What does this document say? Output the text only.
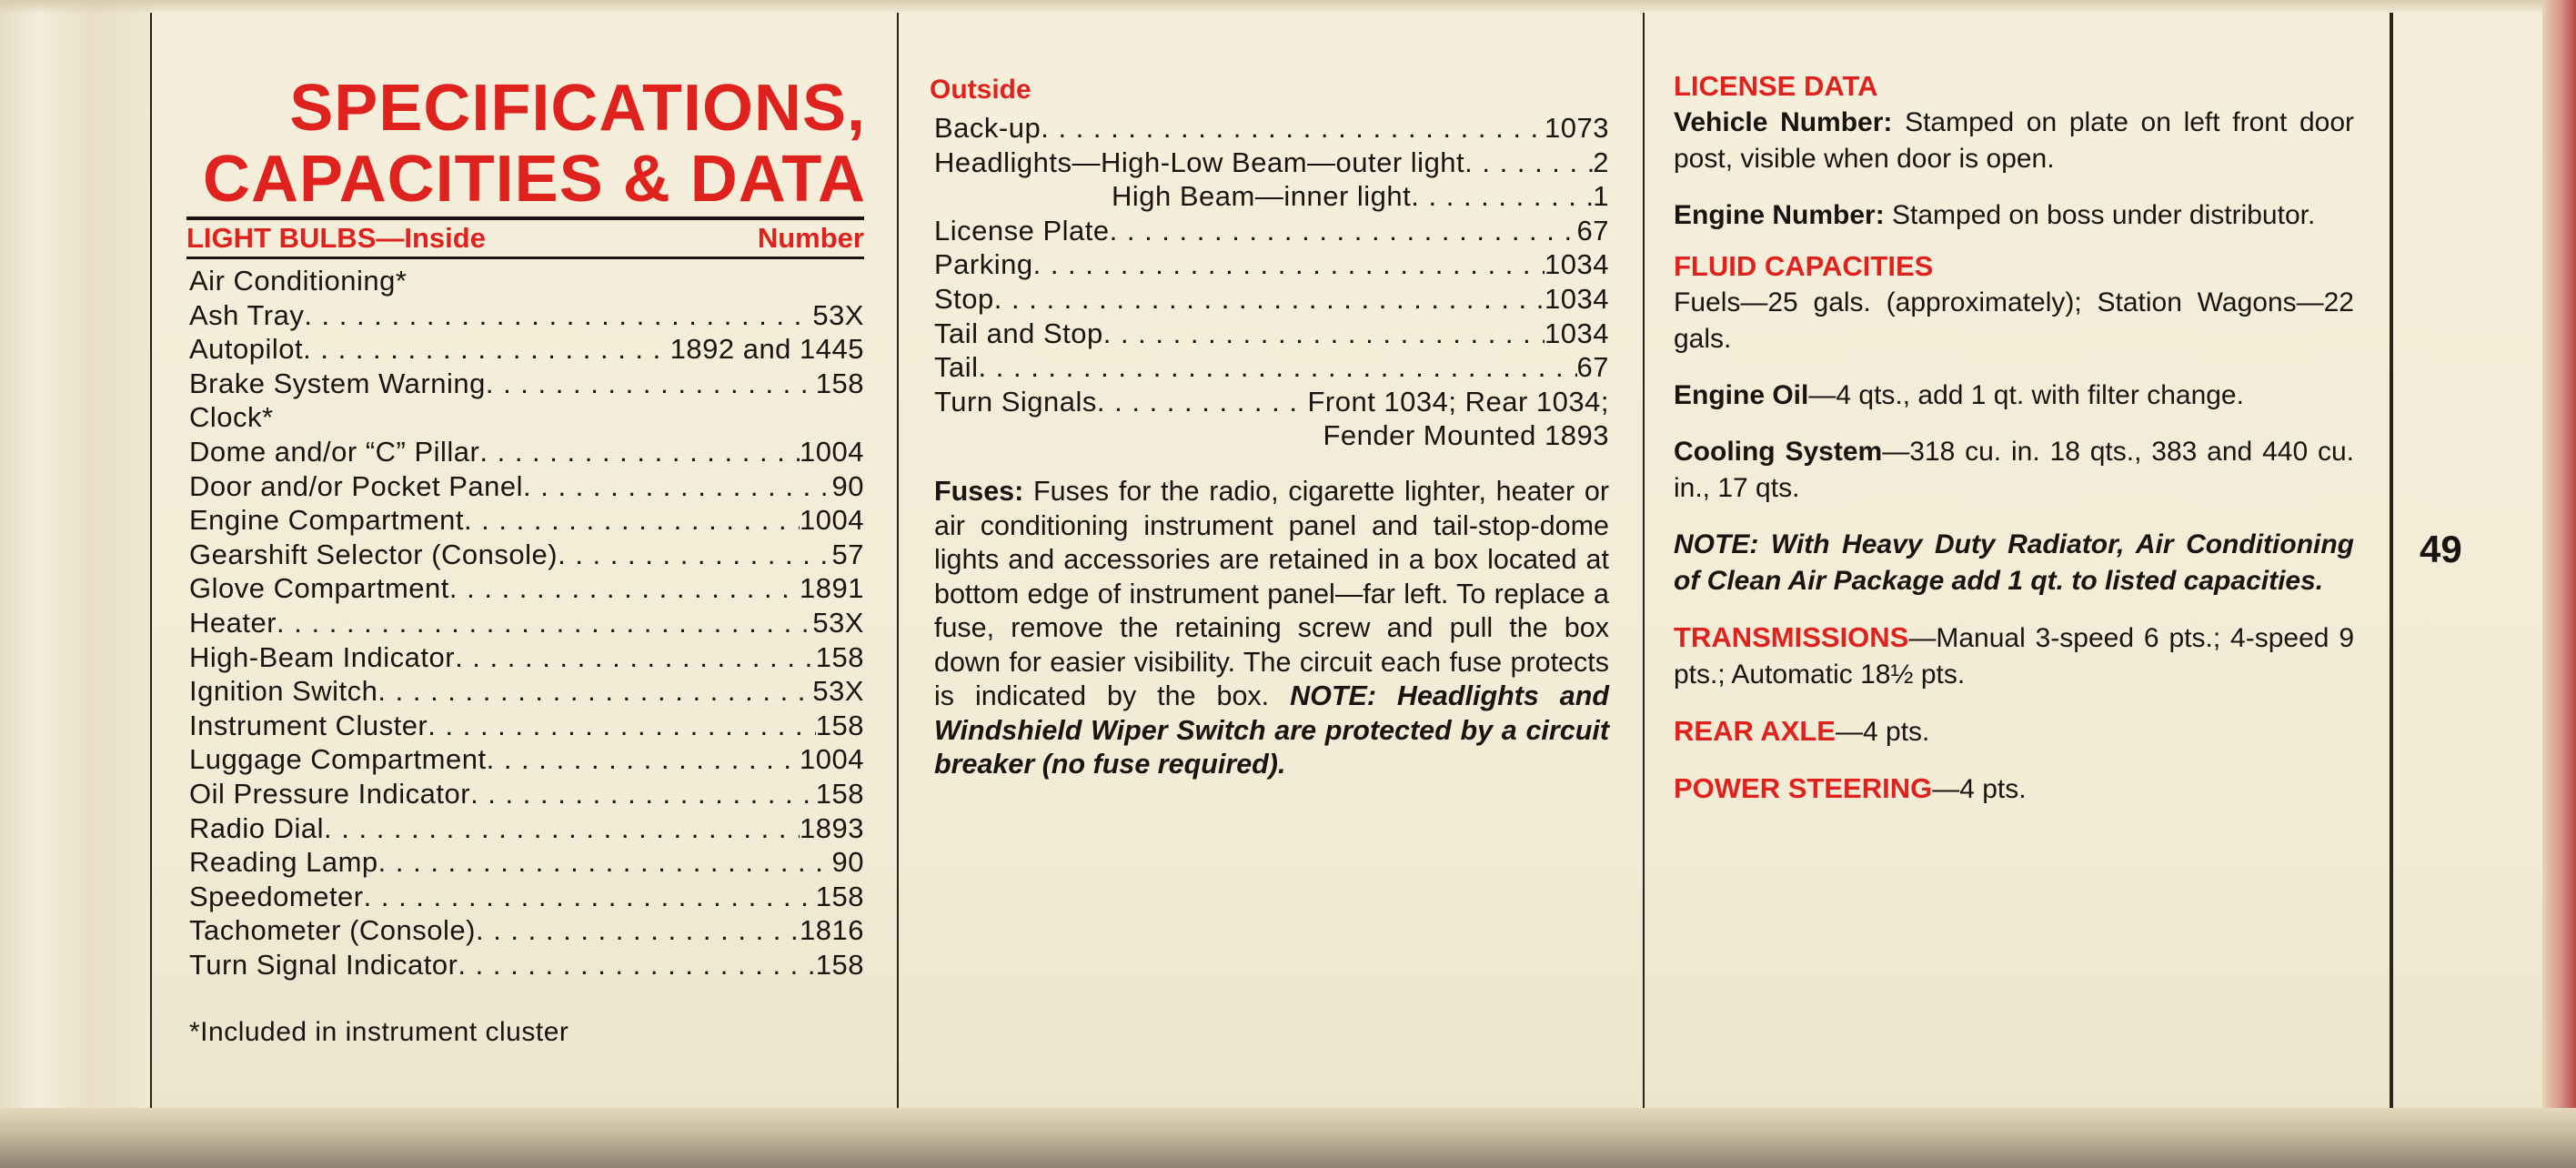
SPECIFICATIONS,
CAPACITIES & DATA
LIGHT BULBS—Inside	Number
Air Conditioning*
Ash Tray . . .	53X
Autopilot . . .	1892 and 1445
Brake System Warning . . .	158
Clock*
Dome and/or “C” Pillar . . .	1004
Door and/or Pocket Panel . . .	90
Engine Compartment . . .	1004
Gearshift Selector (Console) . . .	57
Glove Compartment . . .	1891
Heater . . .	53X
High-Beam Indicator . . .	158
Ignition Switch . . .	53X
Instrument Cluster . . .	158
Luggage Compartment . . .	1004
Oil Pressure Indicator . . .	158
Radio Dial . . .	1893
Reading Lamp . . .	90
Speedometer . . .	158
Tachometer (Console) . . .	1816
Turn Signal Indicator . . .	158
*Included in instrument cluster
Outside
Back-up . . .	1073
Headlights—High-Low Beam—outer light . . .	2
High Beam—inner light . . .	1
License Plate . . .	67
Parking . . .	1034
Stop . . .	1034
Tail and Stop . . .	1034
Tail . . .	67
Turn Signals . . .	Front 1034; Rear 1034;
Fender Mounted 1893
Fuses: Fuses for the radio, cigarette lighter, heater or air conditioning instrument panel and tail-stop-dome lights and accessories are retained in a box located at bottom edge of instrument panel—far left. To replace a fuse, remove the retaining screw and pull the box down for easier visibility. The circuit each fuse protects is indicated by the box. NOTE: Headlights and Windshield Wiper Switch are protected by a circuit breaker (no fuse required).
LICENSE DATA

Vehicle Number: Stamped on plate on left front door post, visible when door is open.

Engine Number: Stamped on boss under distributor.

FLUID CAPACITIES

Fuels—25 gals. (approximately); Station Wagons—22 gals.

Engine Oil—4 qts., add 1 qt. with filter change.

Cooling System—318 cu. in. 18 qts., 383 and 440 cu. in., 17 qts.

NOTE: With Heavy Duty Radiator, Air Conditioning of Clean Air Package add 1 qt. to listed capacities.

TRANSMISSIONS—Manual 3-speed 6 pts.; 4-speed 9 pts.; Automatic 18½ pts.

REAR AXLE—4 pts.

POWER STEERING—4 pts.

49
